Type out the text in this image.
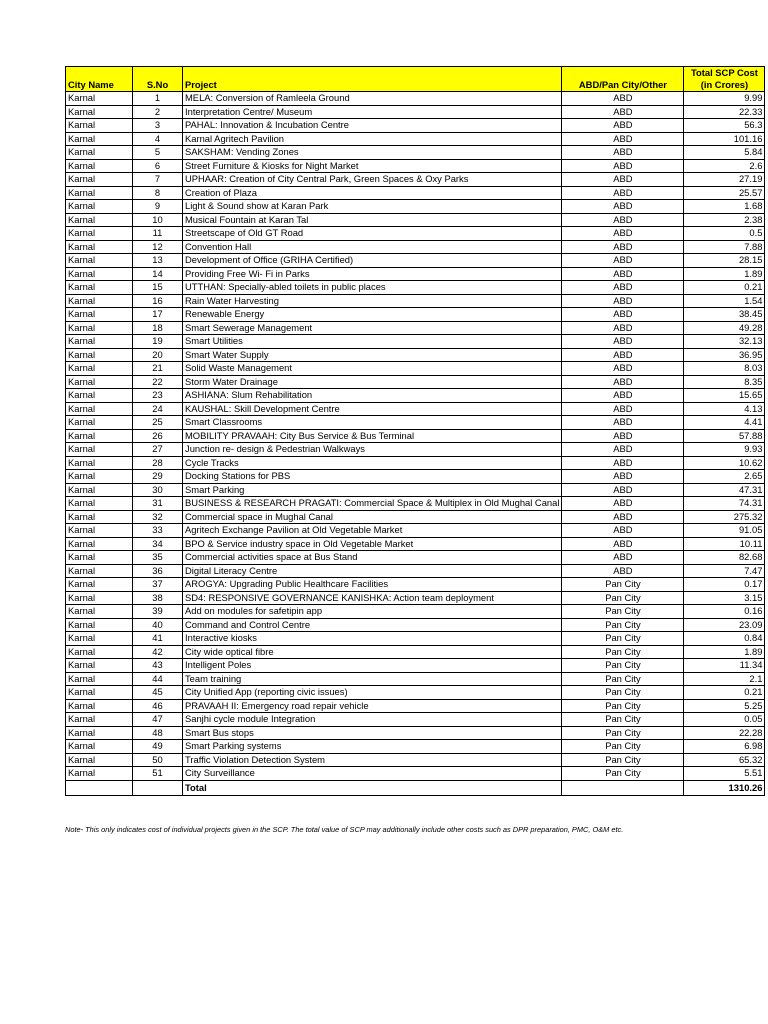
City Name	S.No	Project	ABD/Pan City/Other	Total SCP Cost
(in Crores)

Karnal	1	MELA: Conversion of Ramleela Ground	ABD	9.99
Karnal	2	Interpretation Centre/ Museum	ABD	22.33
Karnal	3	PAHAL: Innovation & Incubation Centre	ABD	56.3
Karnal	4	Karnal Agritech Pavilion	ABD	101.16
Karnal	5	SAKSHAM: Vending Zones	ABD	5.84
Karnal	6	Street Furniture & Kiosks for Night Market	ABD	2.6
Karnal	7	UPHAAR: Creation of City Central Park, Green Spaces & Oxy Parks	ABD	27.19
Karnal	8	Creation of Plaza	ABD	25.57
Karnal	9	Light & Sound show at Karan Park	ABD	1.68
Karnal	10	Musical Fountain at Karan Tal	ABD	2.38
Karnal	11	Streetscape of Old GT Road	ABD	0.5
Karnal	12	Convention Hall	ABD	7.88
Karnal	13	Development of Office (GRIHA Certified)	ABD	28.15
Karnal	14	Providing Free Wi- Fi in Parks	ABD	1.89
Karnal	15	UTTHAN: Specially-abled toilets in public places	ABD	0.21
Karnal	16	Rain Water Harvesting	ABD	1.54
Karnal	17	Renewable Energy	ABD	38.45
Karnal	18	Smart Sewerage Management	ABD	49.28
Karnal	19	Smart Utilities	ABD	32.13
Karnal	20	Smart Water Supply	ABD	36.95
Karnal	21	Solid Waste Management	ABD	8.03
Karnal	22	Storm Water Drainage	ABD	8.35
Karnal	23	ASHIANA: Slum Rehabilitation	ABD	15.65
Karnal	24	KAUSHAL: Skill Development Centre	ABD	4.13
Karnal	25	Smart Classrooms	ABD	4.41
Karnal	26	MOBILITY PRAVAAH: City Bus Service & Bus Terminal	ABD	57.88
Karnal	27	Junction re- design & Pedestrian Walkways	ABD	9.93
Karnal	28	Cycle Tracks	ABD	10.62
Karnal	29	Docking Stations for PBS	ABD	2.65
Karnal	30	Smart Parking	ABD	47.31
Karnal	31	BUSINESS & RESEARCH PRAGATI: Commercial Space & Multiplex in Old Mughal Canal	ABD	74.31
Karnal	32	Commercial space in Mughal Canal	ABD	275.32
Karnal	33	Agritech Exchange Pavilion at Old Vegetable Market	ABD	91.05
Karnal	34	BPO & Service industry space in Old Vegetable Market	ABD	10.11
Karnal	35	Commercial activities space at Bus Stand	ABD	82.68
Karnal	36	Digital Literacy Centre	ABD	7.47
Karnal	37	AROGYA: Upgrading Public Healthcare Facilities	Pan City	0.17
Karnal	38	SD4: RESPONSIVE GOVERNANCE KANISHKA: Action team deployment	Pan City	3.15
Karnal	39	Add on modules for safetipin app	Pan City	0.16
Karnal	40	Command and Control Centre	Pan City	23.09
Karnal	41	Interactive kiosks	Pan City	0.84
Karnal	42	City wide optical fibre	Pan City	1.89
Karnal	43	Intelligent Poles	Pan City	11.34
Karnal	44	Team training	Pan City	2.1
Karnal	45	City Unified App (reporting civic issues)	Pan City	0.21
Karnal	46	PRAVAAH II: Emergency road repair vehicle	Pan City	5.25
Karnal	47	Sanjhi cycle module Integration	Pan City	0.05
Karnal	48	Smart Bus stops	Pan City	22.28
Karnal	49	Smart Parking systems	Pan City	6.98
Karnal	50	Traffic Violation Detection System	Pan City	65.32
Karnal	51	City Surveillance	Pan City	5.51
		Total		1310.26
Note- This only indicates cost of individual projects given in the SCP. The total value of SCP may additionally include other costs such as DPR preparation, PMC, O&M etc.
